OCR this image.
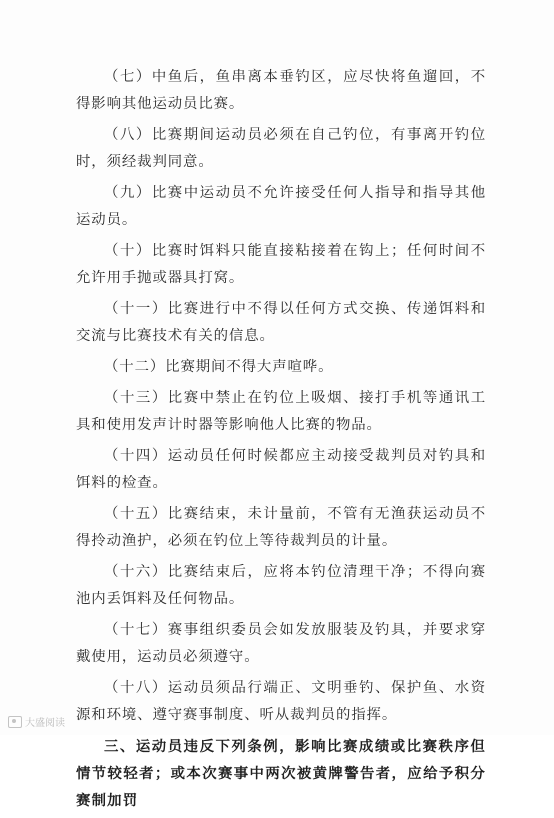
（七）中鱼后，鱼串离本垂钓区，应尽快将鱼遛回，不得影响其他运动员比赛。

（八）比赛期间运动员必须在自己钓位，有事离开钓位时，须经裁判同意。

（九）比赛中运动员不允许接受任何人指导和指导其他运动员。

（十）比赛时饵料只能直接粘接着在钩上；任何时间不允许用手抛或器具打窝。

（十一）比赛进行中不得以任何方式交换、传递饵料和交流与比赛技术有关的信息。

（十二）比赛期间不得大声喧哗。

（十三）比赛中禁止在钓位上吸烟、接打手机等通讯工具和使用发声计时器等影响他人比赛的物品。

（十四）运动员任何时候都应主动接受裁判员对钓具和饵料的检查。

（十五）比赛结束，未计量前，不管有无渔获运动员不得拎动渔护，必须在钓位上等待裁判员的计量。

（十六）比赛结束后，应将本钓位清理干净；不得向赛池内丢饵料及任何物品。

（十七）赛事组织委员会如发放服装及钓具，并要求穿戴使用，运动员必须遵守。

（十八）运动员须品行端正、文明垂钓、保护鱼、水资源和环境、遵守赛事制度、听从裁判员的指挥。

三、运动员违反下列条例，影响比赛成绩或比赛秩序但情节较轻者；或本次赛事中两次被黄牌警告者，应给予积分赛制加罚

大盛阅读
